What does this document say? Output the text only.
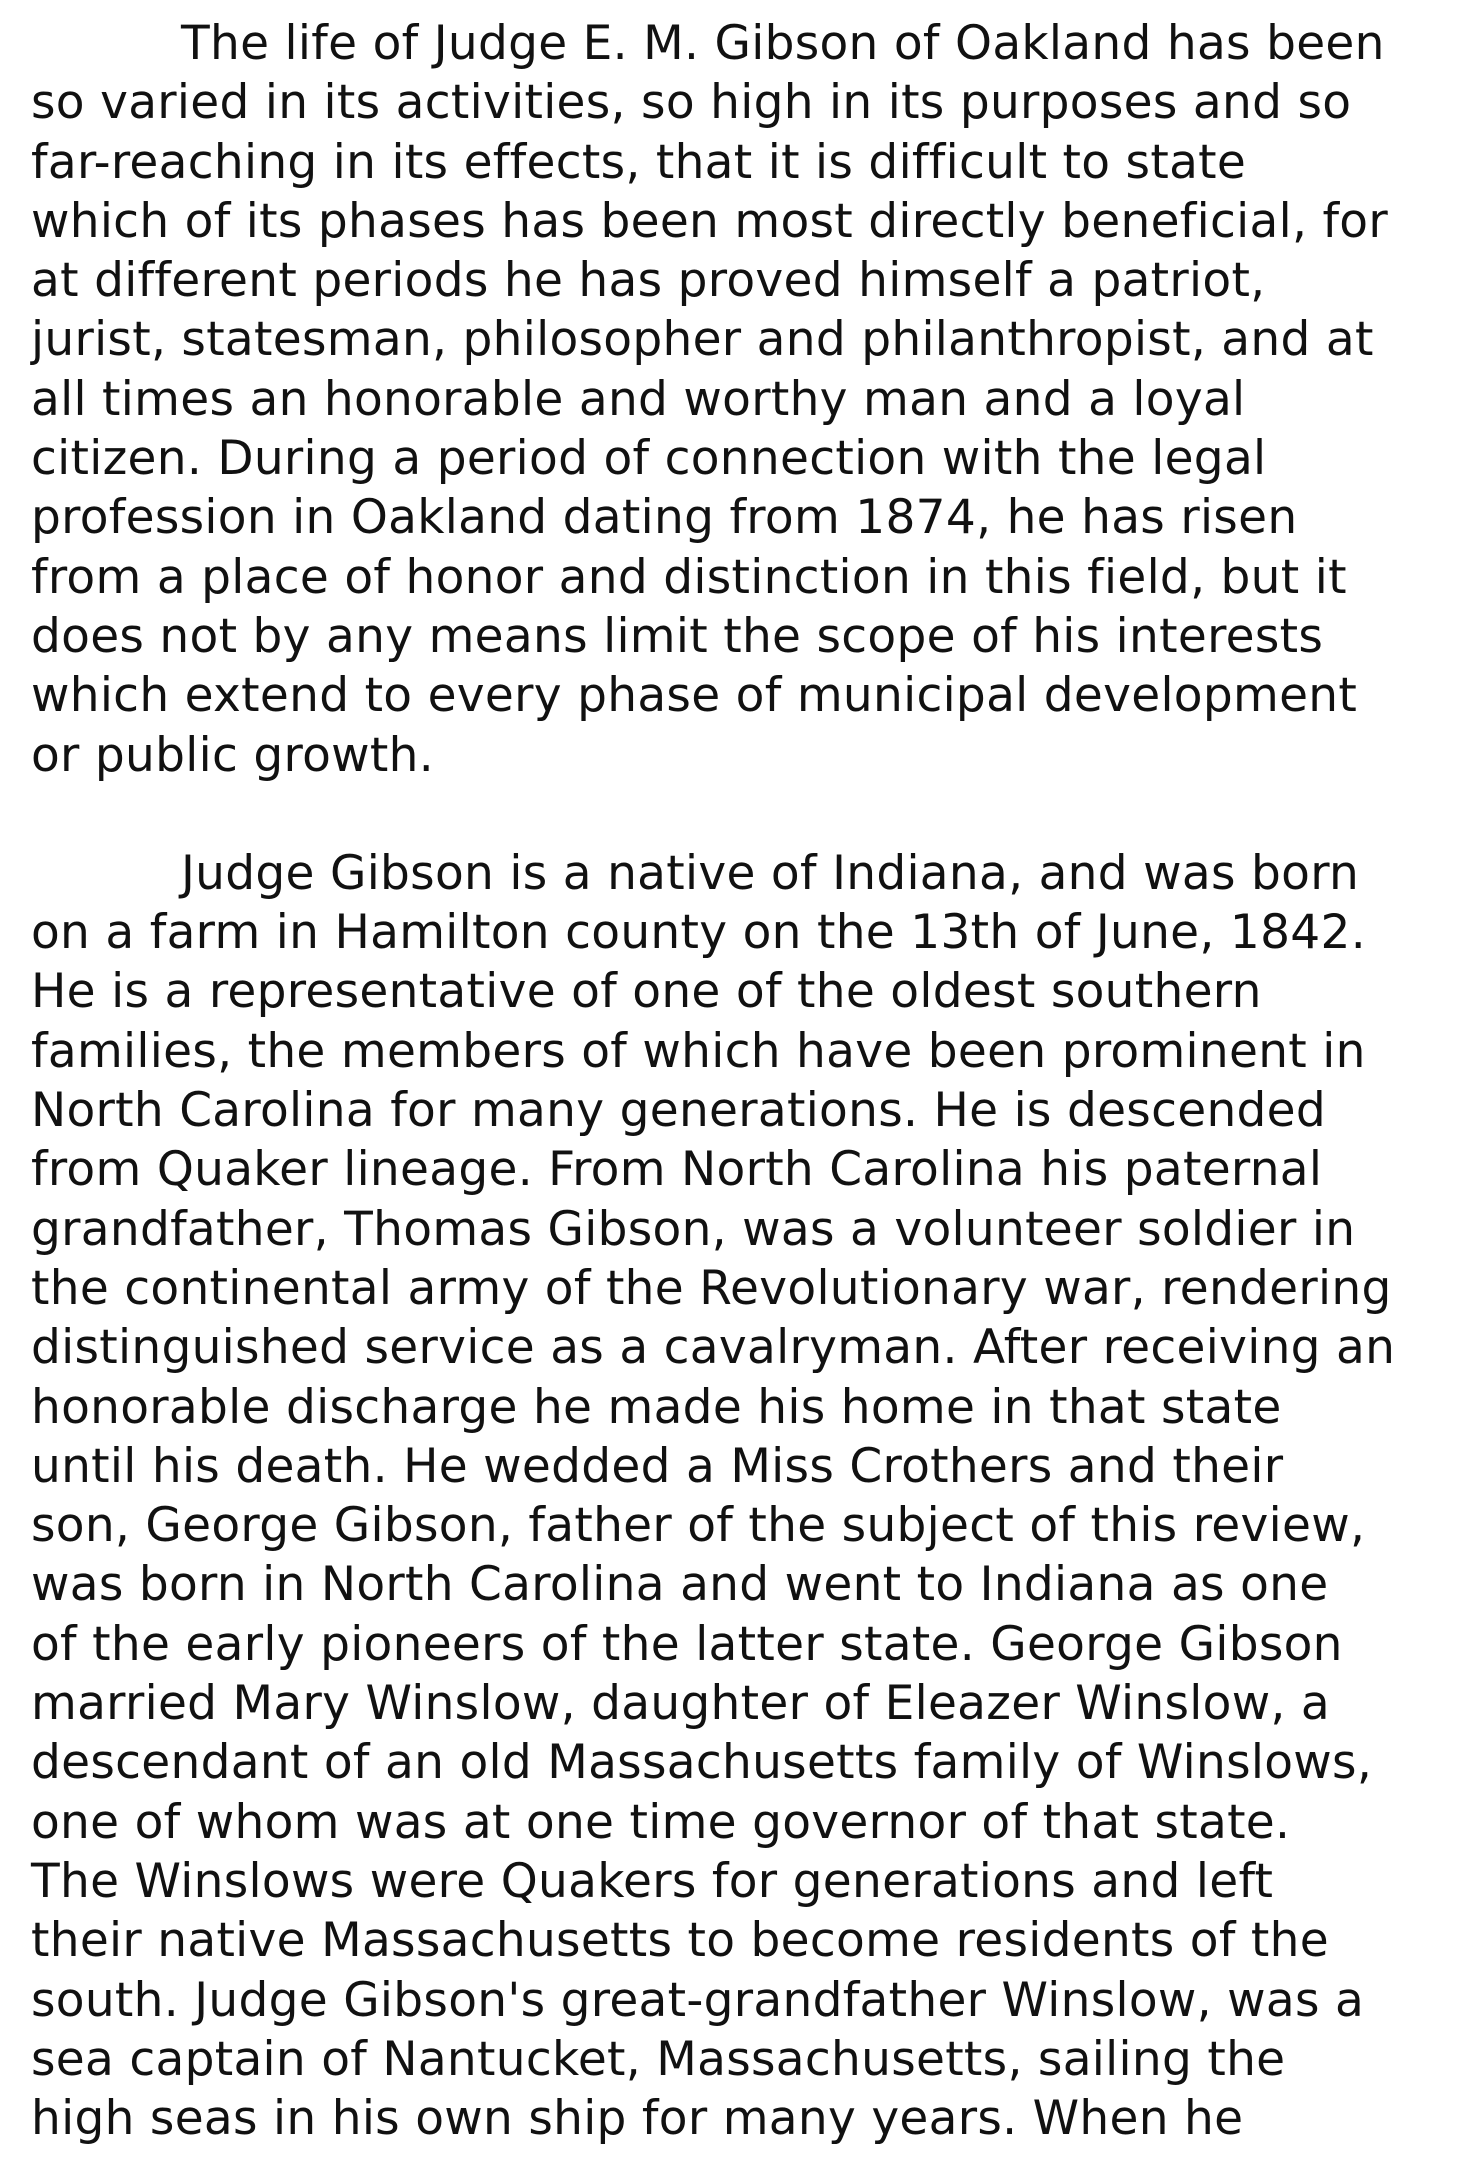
The life of Judge E. M. Gibson of Oakland has been
so varied in its activities, so high in its purposes and so
far-reaching in its effects, that it is difficult to state
which of its phases has been most directly beneficial, for
at different periods he has proved himself a patriot,
jurist, statesman, philosopher and philanthropist, and at
all times an honorable and worthy man and a loyal
citizen. During a period of connection with the legal
profession in Oakland dating from 1874, he has risen
from a place of honor and distinction in this field, but it
does not by any means limit the scope of his interests
which extend to every phase of municipal development
or public growth.
Judge Gibson is a native of Indiana, and was born
on a farm in Hamilton county on the 13th of June, 1842.
He is a representative of one of the oldest southern
families, the members of which have been prominent in
North Carolina for many generations. He is descended
from Quaker lineage. From North Carolina his paternal
grandfather, Thomas Gibson, was a volunteer soldier in
the continental army of the Revolutionary war, rendering
distinguished service as a cavalryman. After receiving an
honorable discharge he made his home in that state
until his death. He wedded a Miss Crothers and their
son, George Gibson, father of the subject of this review,
was born in North Carolina and went to Indiana as one
of the early pioneers of the latter state. George Gibson
married Mary Winslow, daughter of Eleazer Winslow, a
descendant of an old Massachusetts family of Winslows,
one of whom was at one time governor of that state.
The Winslows were Quakers for generations and left
their native Massachusetts to become residents of the
south. Judge Gibson's great-grandfather Winslow, was a
sea captain of Nantucket, Massachusetts, sailing the
high seas in his own ship for many years. When he
